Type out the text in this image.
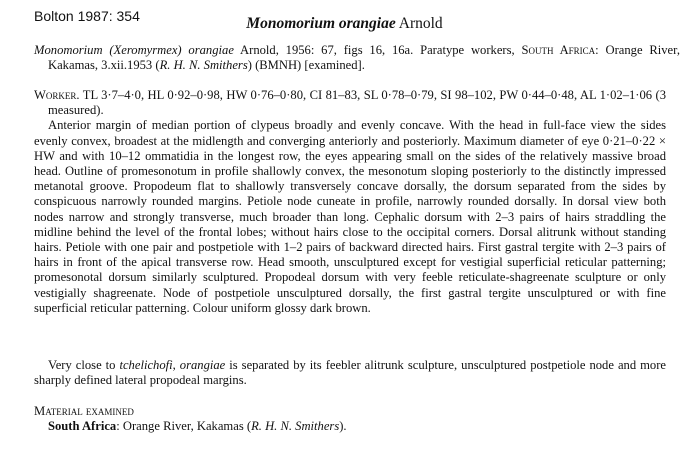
Bolton 1987: 354	Monomorium orangiae Arnold
Monomorium (Xeromyrmex) orangiae Arnold, 1956: 67, figs 16, 16a. Paratype workers, South Africa: Orange River, Kakamas, 3.xii.1953 (R. H. N. Smithers) (BMNH) [examined].

Worker. TL 3·7–4·0, HL 0·92–0·98, HW 0·76–0·80, CI 81–83, SL 0·78–0·79, SI 98–102, PW 0·44–0·48, AL 1·02–1·06 (3 measured).

Anterior margin of median portion of clypeus broadly and evenly concave. With the head in full-face view the sides evenly convex, broadest at the midlength and converging anteriorly and posteriorly. Maximum diameter of eye 0·21–0·22 × HW and with 10–12 ommatidia in the longest row, the eyes appearing small on the sides of the relatively massive broad head. Outline of promesonotum in profile shallowly convex, the mesonotum sloping posteriorly to the distinctly impressed metanotal groove. Propodeum flat to shallowly transversely concave dorsally, the dorsum separated from the sides by conspicuous narrowly rounded margins. Petiole node cuneate in profile, narrowly rounded dorsally. In dorsal view both nodes narrow and strongly transverse, much broader than long. Cephalic dorsum with 2–3 pairs of hairs straddling the midline behind the level of the frontal lobes; without hairs close to the occipital corners. Dorsal alitrunk without standing hairs. Petiole with one pair and postpetiole with 1–2 pairs of backward directed hairs. First gastral tergite with 2–3 pairs of hairs in front of the apical transverse row. Head smooth, unsculptured except for vestigial superficial reticular patterning; promesonotal dorsum similarly sculptured. Propodeal dorsum with very feeble reticulate-shagreenate sculpture or only vestigially shagreenate. Node of postpetiole unsculptured dorsally, the first gastral tergite unsculptured or with fine superficial reticular patterning. Colour uniform glossy dark brown.

Very close to tchelichofi, orangiae is separated by its feebler alitrunk sculpture, unsculptured postpetiole node and more sharply defined lateral propodeal margins.
Material examined
South Africa: Orange River, Kakamas (R. H. N. Smithers).
